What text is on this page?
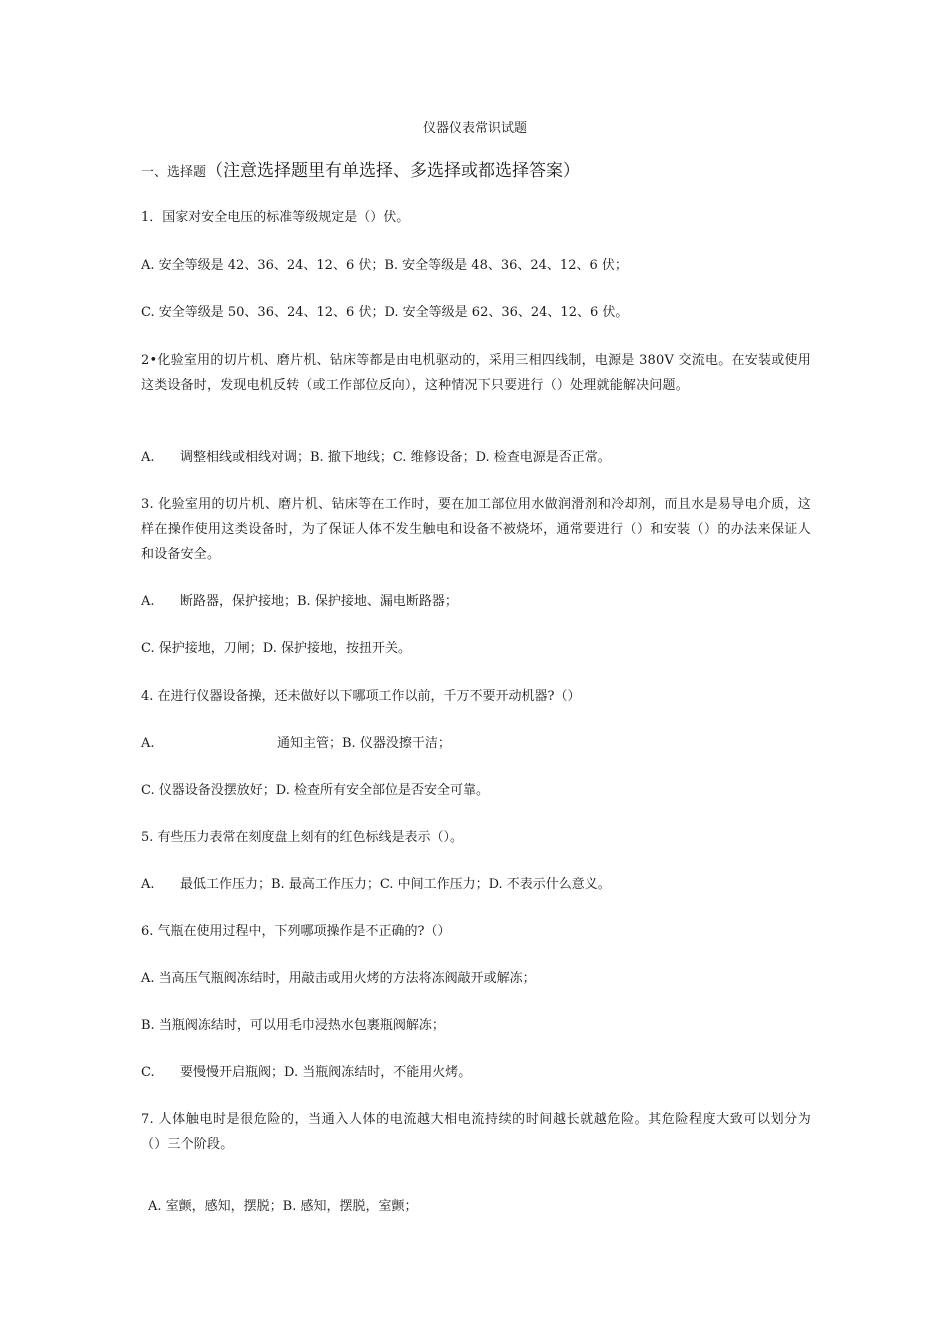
仪器仪表常识试题
一、选择题（注意选择题里有单选择、多选择或都选择答案）
1．国家对安全电压的标准等级规定是（）伏。
A. 安全等级是 42、36、24、12、6 伏；B. 安全等级是 48、36、24、12、6 伏；
C. 安全等级是 50、36、24、12、6 伏；D. 安全等级是 62、36、24、12、6 伏。
2•化验室用的切片机、磨片机、钻床等都是由电机驱动的，采用三相四线制，电源是 380V 交流电。在安装或使用这类设备时，发现电机反转（或工作部位反向），这种情况下只要进行（）处理就能解决问题。
A. 调整相线或相线对调；B. 撤下地线；C. 维修设备；D. 检查电源是否正常。
3. 化验室用的切片机、磨片机、钻床等在工作时，要在加工部位用水做润滑剂和冷却剂，而且水是易导电介质，这样在操作使用这类设备时，为了保证人体不发生触电和设备不被烧坏，通常要进行（）和安装（）的办法来保证人和设备安全。
A. 断路器，保护接地；B. 保护接地、漏电断路器；
C. 保护接地，刀闸；D. 保护接地，按扭开关。
4. 在进行仪器设备操，还未做好以下哪项工作以前，千万不要开动机器?（）
A.	通知主管；B. 仪器没擦干洁；
C. 仪器设备没摆放好；D. 检查所有安全部位是否安全可靠。
5. 有些压力表常在刻度盘上刻有的红色标线是表示（）。
A. 最低工作压力；B. 最高工作压力；C. 中间工作压力；D. 不表示什么意义。
6. 气瓶在使用过程中，下列哪项操作是不正确的?（）
A. 当高压气瓶阀冻结时，用敲击或用火烤的方法将冻阀敲开或解冻；
B. 当瓶阀冻结时，可以用毛巾浸热水包裹瓶阀解冻；
C. 要慢慢开启瓶阀；D. 当瓶阀冻结时，不能用火烤。
7. 人体触电时是很危险的，当通入人体的电流越大相电流持续的时间越长就越危险。其危险程度大致可以划分为（）三个阶段。
A. 室颤，感知，摆脱；B. 感知，摆脱，室颤；
